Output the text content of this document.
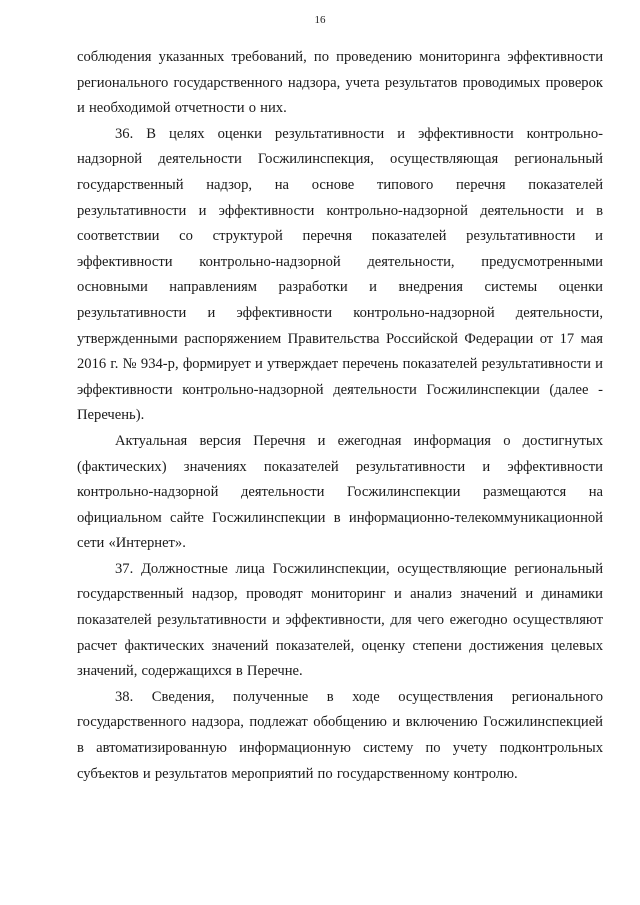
16

соблюдения указанных требований, по проведению мониторинга эффективности регионального государственного надзора, учета результатов проводимых проверок и необходимой отчетности о них.

36. В целях оценки результативности и эффективности контрольно-надзорной деятельности Госжилинспекция, осуществляющая региональный государственный надзор, на основе типового перечня показателей результативности и эффективности контрольно-надзорной деятельности и в соответствии со структурой перечня показателей результативности и эффективности контрольно-надзорной деятельности, предусмотренными основными направлениям разработки и внедрения системы оценки результативности и эффективности контрольно-надзорной деятельности, утвержденными распоряжением Правительства Российской Федерации от 17 мая 2016 г. № 934-р, формирует и утверждает перечень показателей результативности и эффективности контрольно-надзорной деятельности Госжилинспекции (далее - Перечень).

Актуальная версия Перечня и ежегодная информация о достигнутых (фактических) значениях показателей результативности и эффективности контрольно-надзорной деятельности Госжилинспекции размещаются на официальном сайте Госжилинспекции в информационно-телекоммуникационной сети «Интернет».

37. Должностные лица Госжилинспекции, осуществляющие региональный государственный надзор, проводят мониторинг и анализ значений и динамики показателей результативности и эффективности, для чего ежегодно осуществляют расчет фактических значений показателей, оценку степени достижения целевых значений, содержащихся в Перечне.

38. Сведения, полученные в ходе осуществления регионального государственного надзора, подлежат обобщению и включению Госжилинспекцией в автоматизированную информационную систему по учету подконтрольных субъектов и результатов мероприятий по государственному контролю.
